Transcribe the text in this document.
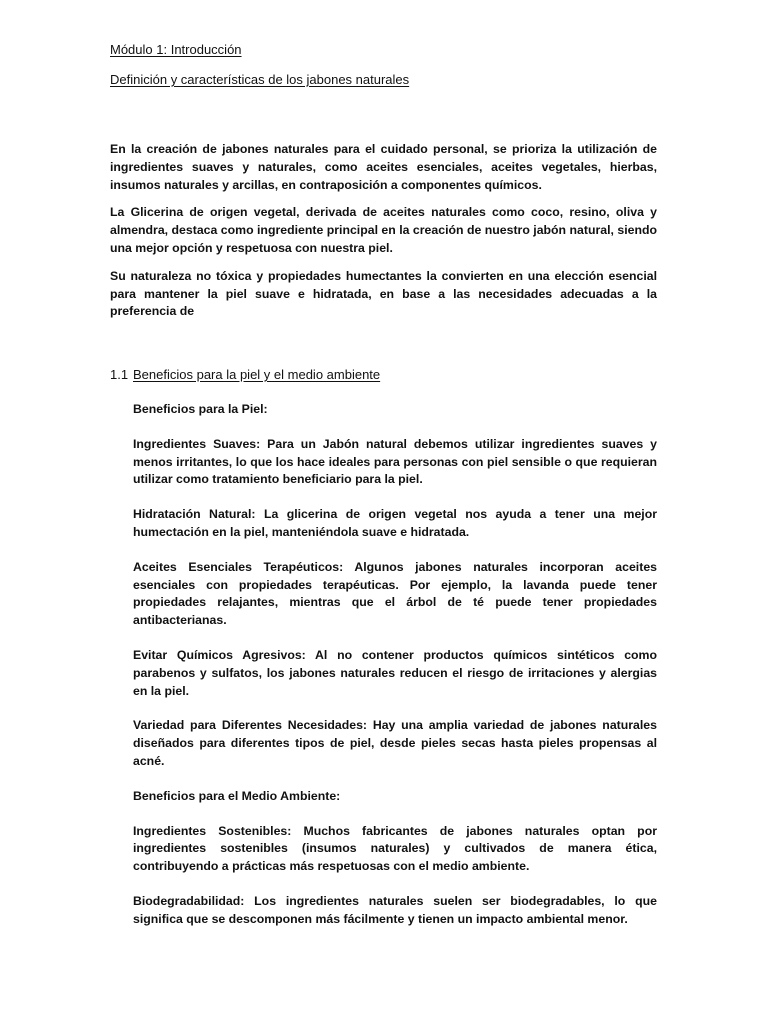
Módulo 1: Introducción
Definición y características de los jabones naturales

En la creación de jabones naturales para el cuidado personal, se prioriza la utilización de ingredientes suaves y naturales, como aceites esenciales, aceites vegetales, hierbas, insumos naturales y arcillas, en contraposición a componentes químicos.

La Glicerina de origen vegetal, derivada de aceites naturales como coco, resino, oliva y almendra, destaca como ingrediente principal en la creación de nuestro jabón natural, siendo una mejor opción y respetuosa con nuestra piel.

Su naturaleza no tóxica y propiedades humectantes la convierten en una elección esencial para mantener la piel suave e hidratada, en base a las necesidades adecuadas a la preferencia de

1.1 Beneficios para la piel y el medio ambiente
Beneficios para la Piel:

Ingredientes Suaves: Para un Jabón natural debemos utilizar ingredientes suaves y menos irritantes, lo que los hace ideales para personas con piel sensible o que requieran utilizar como tratamiento beneficiario para la piel.

Hidratación Natural: La glicerina de origen vegetal nos ayuda a tener una mejor humectación en la piel, manteniéndola suave e hidratada.

Aceites Esenciales Terapéuticos: Algunos jabones naturales incorporan aceites esenciales con propiedades terapéuticas. Por ejemplo, la lavanda puede tener propiedades relajantes, mientras que el árbol de té puede tener propiedades antibacterianas.

Evitar Químicos Agresivos: Al no contener productos químicos sintéticos como parabenos y sulfatos, los jabones naturales reducen el riesgo de irritaciones y alergias en la piel.

Variedad para Diferentes Necesidades: Hay una amplia variedad de jabones naturales diseñados para diferentes tipos de piel, desde pieles secas hasta pieles propensas al acné.

Beneficios para el Medio Ambiente:

Ingredientes Sostenibles: Muchos fabricantes de jabones naturales optan por ingredientes sostenibles (insumos naturales) y cultivados de manera ética, contribuyendo a prácticas más respetuosas con el medio ambiente.

Biodegradabilidad: Los ingredientes naturales suelen ser biodegradables, lo que significa que se descomponen más fácilmente y tienen un impacto ambiental menor.
